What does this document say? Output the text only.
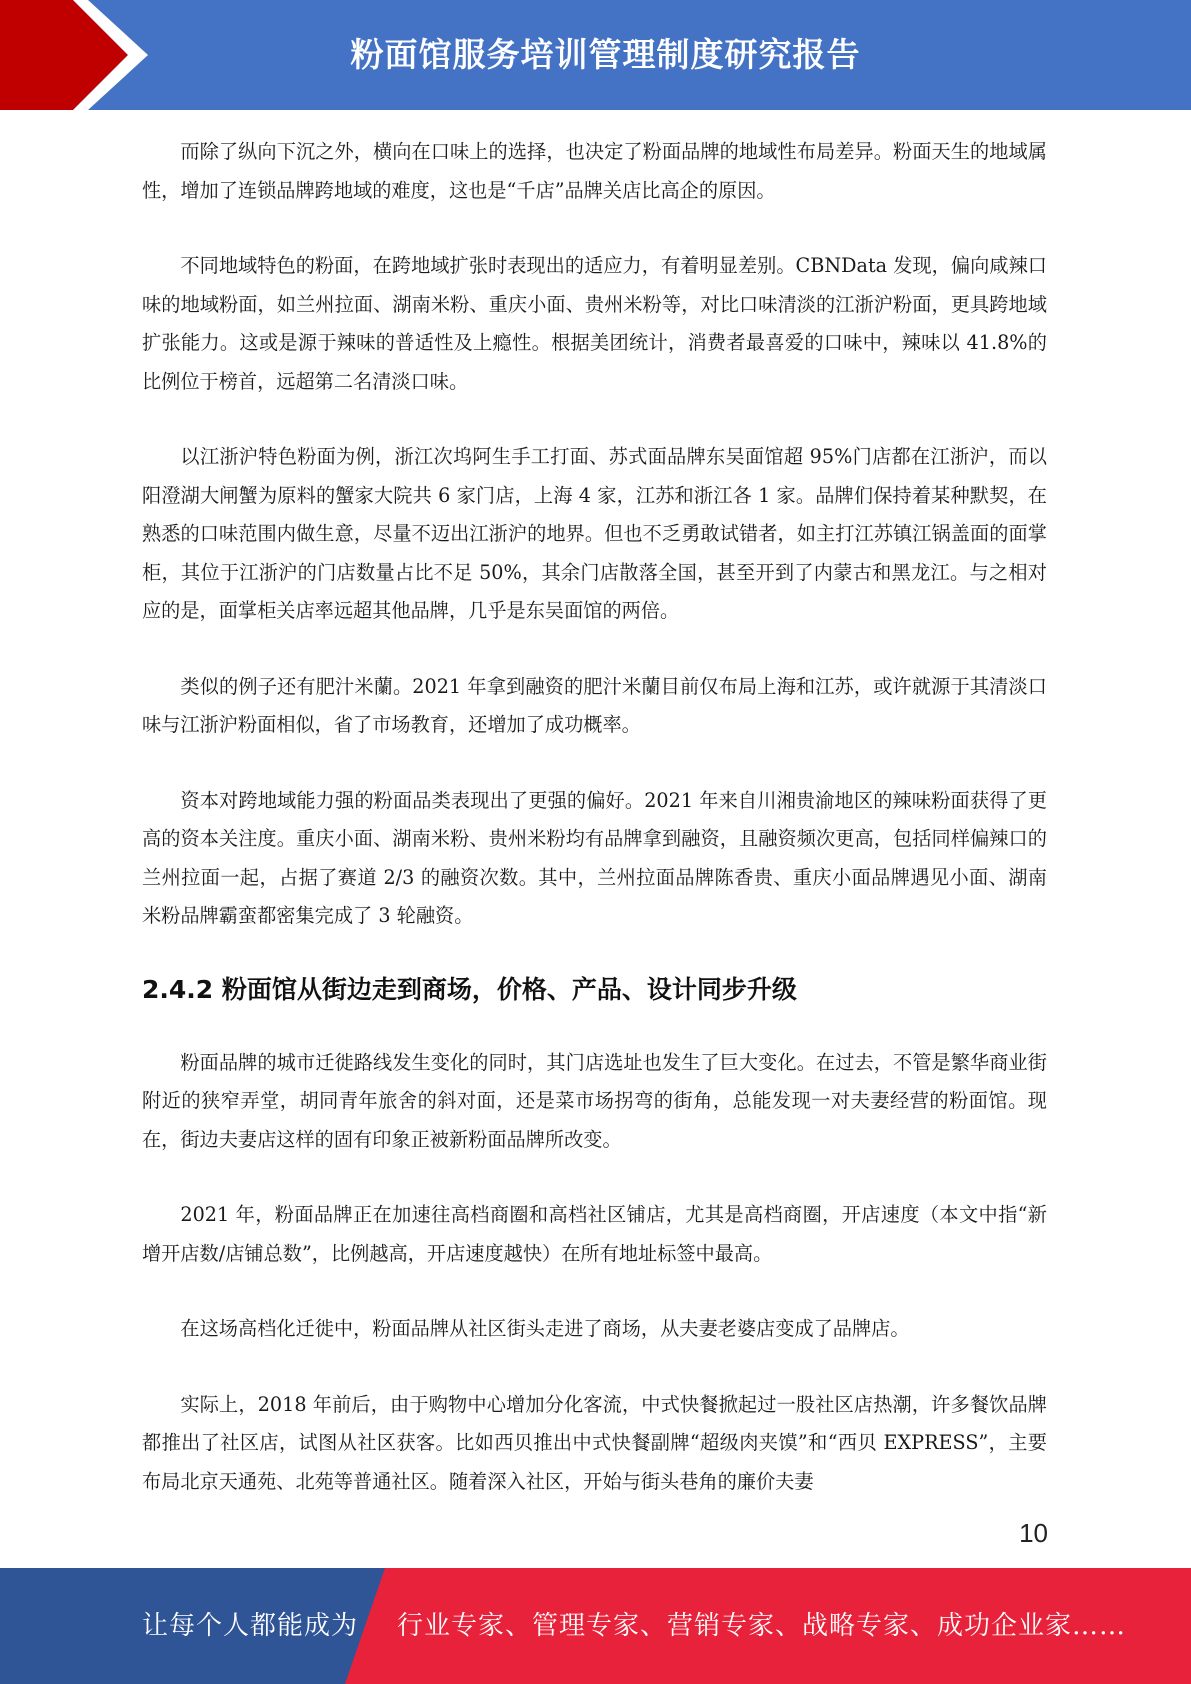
粉面馆服务培训管理制度研究报告

而除了纵向下沉之外，横向在口味上的选择，也决定了粉面品牌的地域性布局差异。粉面天生的地域属性，增加了连锁品牌跨地域的难度，这也是“千店”品牌关店比高企的原因。

不同地域特色的粉面，在跨地域扩张时表现出的适应力，有着明显差别。CBNData 发现，偏向咸辣口味的地域粉面，如兰州拉面、湖南米粉、重庆小面、贵州米粉等，对比口味清淡的江浙沪粉面，更具跨地域扩张能力。这或是源于辣味的普适性及上瘾性。根据美团统计，消费者最喜爱的口味中，辣味以 41.8%的比例位于榜首，远超第二名清淡口味。

以江浙沪特色粉面为例，浙江次坞阿生手工打面、苏式面品牌东吴面馆超 95%门店都在江浙沪，而以阳澄湖大闸蟹为原料的蟹家大院共 6 家门店，上海 4 家，江苏和浙江各 1 家。品牌们保持着某种默契，在熟悉的口味范围内做生意，尽量不迈出江浙沪的地界。但也不乏勇敢试错者，如主打江苏镇江锅盖面的面掌柜，其位于江浙沪的门店数量占比不足 50%，其余门店散落全国，甚至开到了内蒙古和黑龙江。与之相对应的是，面掌柜关店率远超其他品牌，几乎是东吴面馆的两倍。

类似的例子还有肥汁米蘭。2021 年拿到融资的肥汁米蘭目前仅布局上海和江苏，或许就源于其清淡口味与江浙沪粉面相似，省了市场教育，还增加了成功概率。

资本对跨地域能力强的粉面品类表现出了更强的偏好。2021 年来自川湘贵渝地区的辣味粉面获得了更高的资本关注度。重庆小面、湖南米粉、贵州米粉均有品牌拿到融资，且融资频次更高，包括同样偏辣口的兰州拉面一起，占据了赛道 2/3 的融资次数。其中，兰州拉面品牌陈香贵、重庆小面品牌遇见小面、湖南米粉品牌霸蛮都密集完成了 3 轮融资。

2.4.2 粉面馆从街边走到商场，价格、产品、设计同步升级

粉面品牌的城市迁徙路线发生变化的同时，其门店选址也发生了巨大变化。在过去，不管是繁华商业街附近的狭窄弄堂，胡同青年旅舍的斜对面，还是菜市场拐弯的街角，总能发现一对夫妻经营的粉面馆。现在，街边夫妻店这样的固有印象正被新粉面品牌所改变。

2021 年，粉面品牌正在加速往高档商圈和高档社区铺店，尤其是高档商圈，开店速度（本文中指“新增开店数/店铺总数”，比例越高，开店速度越快）在所有地址标签中最高。

在这场高档化迁徙中，粉面品牌从社区街头走进了商场，从夫妻老婆店变成了品牌店。

实际上，2018 年前后，由于购物中心增加分化客流，中式快餐掀起过一股社区店热潮，许多餐饮品牌都推出了社区店，试图从社区获客。比如西贝推出中式快餐副牌“超级肉夹馍”和“西贝 EXPRESS”，主要布局北京天通苑、北苑等普通社区。随着深入社区，开始与街头巷角的廉价夫妻

10
让每个人都能成为 行业专家、管理专家、营销专家、战略专家、成功企业家……
